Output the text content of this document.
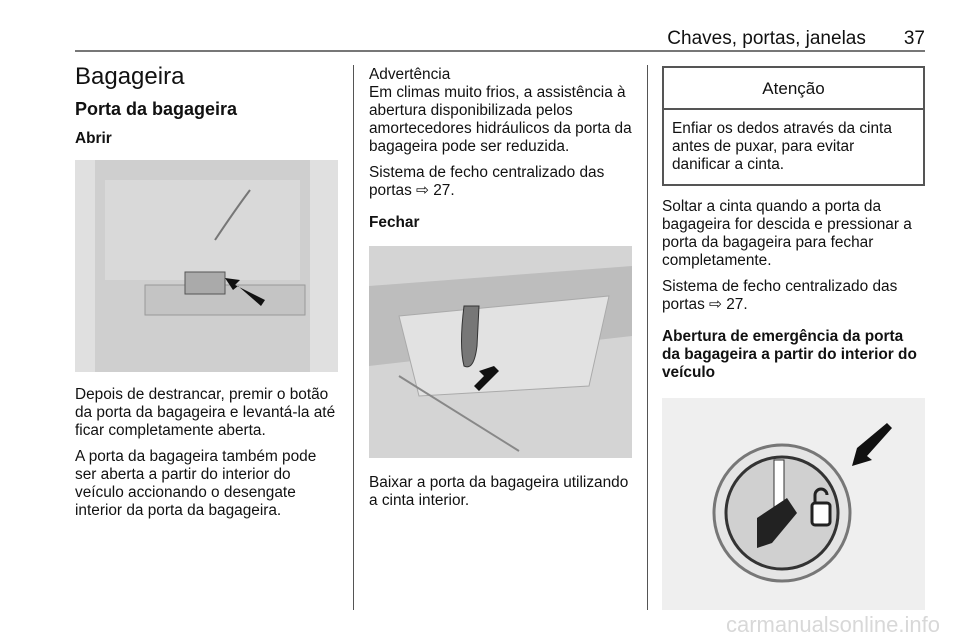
Chaves, portas, janelas 37
Bagageira
Porta da bagageira
Abrir

Depois de destrancar, premir o botão da porta da bagageira e levantá-la até ficar completamente aberta.

A porta da bagageira também pode ser aberta a partir do interior do veículo accionando o desengate interior da porta da bagageira.

Advertência

Em climas muito frios, a assistência à abertura disponibilizada pelos amortecedores hidráulicos da porta da bagageira pode ser reduzida.

Sistema de fecho centralizado das portas ⇨ 27.

Fechar

Baixar a porta da bagageira utilizando a cinta interior.

Atenção
Enfiar os dedos através da cinta antes de puxar, para evitar danificar a cinta.

Soltar a cinta quando a porta da bagageira for descida e pressionar a porta da bagageira para fechar completamente.

Sistema de fecho centralizado das portas ⇨ 27.

Abertura de emergência da porta da bagageira a partir do interior do veículo
carmanualsonline.info
